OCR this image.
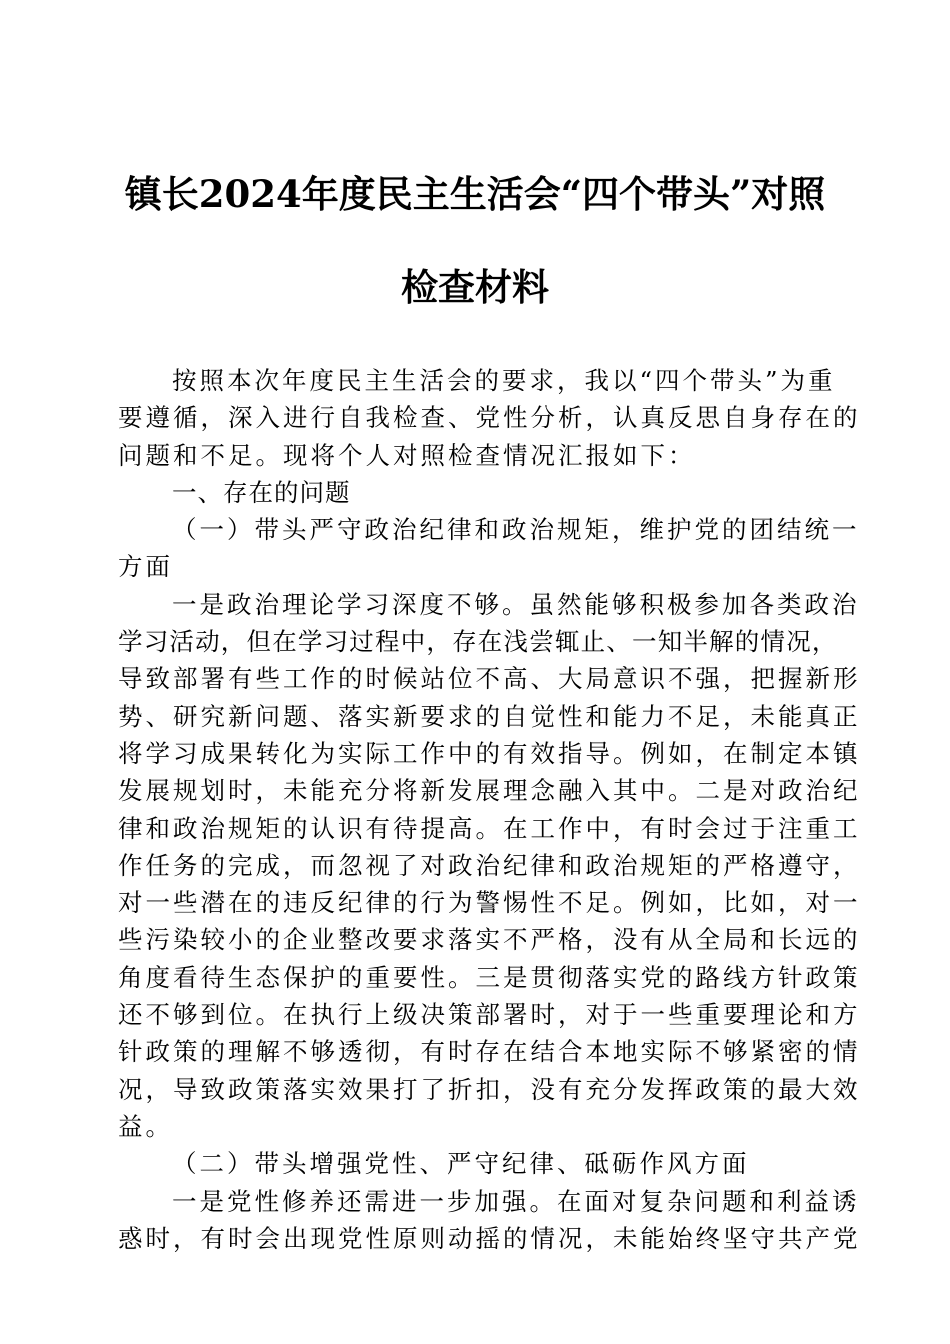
镇长2024年度民主生活会“四个带头”对照
检查材料
按照本次年度民主生活会的要求，我以“四个带头”为重
要遵循，深入进行自我检查、党性分析，认真反思自身存在的
问题和不足。现将个人对照检查情况汇报如下：
一、存在的问题
（一）带头严守政治纪律和政治规矩，维护党的团结统一
方面
一是政治理论学习深度不够。虽然能够积极参加各类政治
学习活动，但在学习过程中，存在浅尝辄止、一知半解的情况，
导致部署有些工作的时候站位不高、大局意识不强，把握新形
势、研究新问题、落实新要求的自觉性和能力不足，未能真正
将学习成果转化为实际工作中的有效指导。例如，在制定本镇
发展规划时，未能充分将新发展理念融入其中。二是对政治纪
律和政治规矩的认识有待提高。在工作中，有时会过于注重工
作任务的完成，而忽视了对政治纪律和政治规矩的严格遵守，
对一些潜在的违反纪律的行为警惕性不足。例如，比如，对一
些污染较小的企业整改要求落实不严格，没有从全局和长远的
角度看待生态保护的重要性。三是贯彻落实党的路线方针政策
还不够到位。在执行上级决策部署时，对于一些重要理论和方
针政策的理解不够透彻，有时存在结合本地实际不够紧密的情
况，导致政策落实效果打了折扣，没有充分发挥政策的最大效
益。
（二）带头增强党性、严守纪律、砥砺作风方面
一是党性修养还需进一步加强。在面对复杂问题和利益诱
惑时，有时会出现党性原则动摇的情况，未能始终坚守共产党
